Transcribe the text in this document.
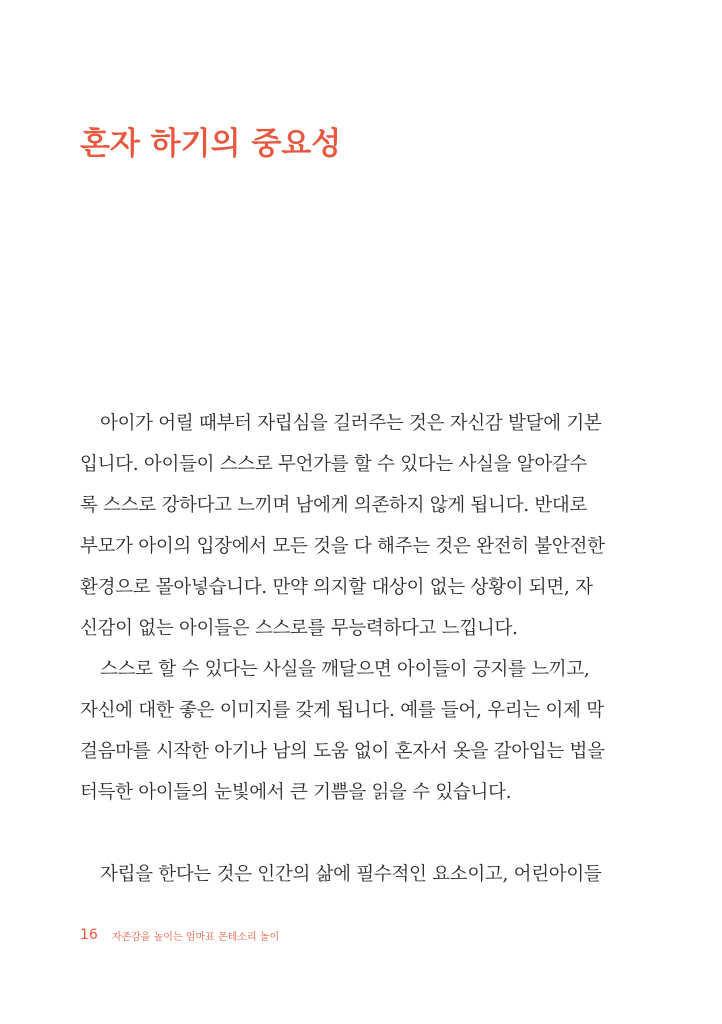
혼자 하기의 중요성
아이가 어릴 때부터 자립심을 길러주는 것은 자신감 발달에 기본
입니다. 아이들이 스스로 무언가를 할 수 있다는 사실을 알아갈수
록 스스로 강하다고 느끼며 남에게 의존하지 않게 됩니다. 반대로
부모가 아이의 입장에서 모든 것을 다 해주는 것은 완전히 불안전한
환경으로 몰아넣습니다. 만약 의지할 대상이 없는 상황이 되면, 자
신감이 없는 아이들은 스스로를 무능력하다고 느낍니다.
스스로 할 수 있다는 사실을 깨달으면 아이들이 긍지를 느끼고,
자신에 대한 좋은 이미지를 갖게 됩니다. 예를 들어, 우리는 이제 막
걸음마를 시작한 아기나 남의 도움 없이 혼자서 옷을 갈아입는 법을
터득한 아이들의 눈빛에서 큰 기쁨을 읽을 수 있습니다.
자립을 한다는 것은 인간의 삶에 필수적인 요소이고, 어린아이들
16 자존감을 높이는 엄마표 몬테소리 놀이
